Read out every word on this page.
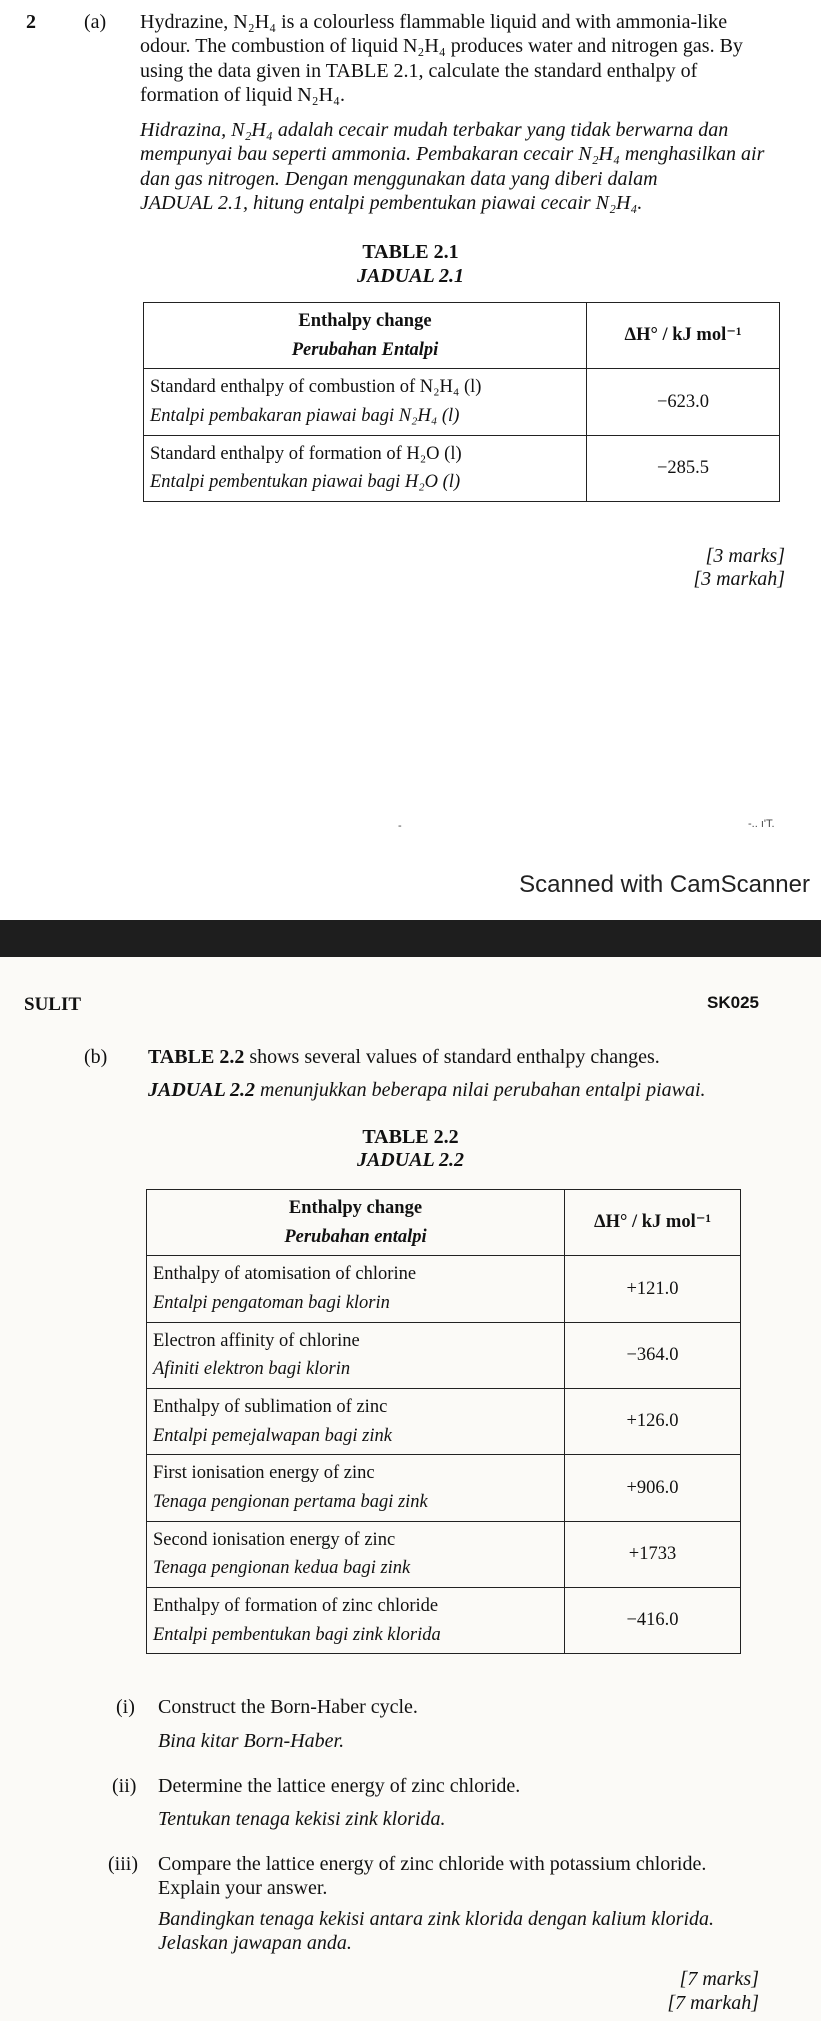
2 (a) Hydrazine, N₂H₄ is a colourless flammable liquid and with ammonia-like
odour. The combustion of liquid N₂H₄ produces water and nitrogen gas. By
using the data given in TABLE 2.1, calculate the standard enthalpy of
formation of liquid N₂H₄.
Hidrazina, N₂H₄ adalah cecair mudah terbakar yang tidak berwarna dan
mempunyai bau seperti ammonia. Pembakaran cecair N₂H₄ menghasilkan air
dan gas nitrogen. Dengan menggunakan data yang diberi dalam
JADUAL 2.1, hitung entalpi pembentukan piawai cecair N₂H₄.
TABLE 2.1
JADUAL 2.1
Enthalpy change
Perubahan Entalpi	ΔH° / kJ mol⁻¹

Standard enthalpy of combustion of N₂H₄ (l)
Entalpi pembakaran piawai bagi N₂H₄ (l)	−623.0

Standard enthalpy of formation of H₂O (l)
Entalpi pembentukan piawai bagi H₂O (l)	−285.5
[3 marks]
[3 markah]
-	-.. ı'T.
Scanned with CamScanner
SULIT	SK025
(b) TABLE 2.2 shows several values of standard enthalpy changes.
JADUAL 2.2 menunjukkan beberapa nilai perubahan entalpi piawai.
TABLE 2.2
JADUAL 2.2
Enthalpy change
Perubahan entalpi	ΔH° / kJ mol⁻¹

Enthalpy of atomisation of chlorine
Entalpi pengatoman bagi klorin	+121.0

Electron affinity of chlorine
Afiniti elektron bagi klorin	−364.0

Enthalpy of sublimation of zinc
Entalpi pemejalwapan bagi zink	+126.0

First ionisation energy of zinc
Tenaga pengionan pertama bagi zink	+906.0

Second ionisation energy of zinc
Tenaga pengionan kedua bagi zink	+1733

Enthalpy of formation of zinc chloride
Entalpi pembentukan bagi zink klorida	−416.0
(i) Construct the Born-Haber cycle.
Bina kitar Born-Haber.
(ii) Determine the lattice energy of zinc chloride.
Tentukan tenaga kekisi zink klorida.
(iii) Compare the lattice energy of zinc chloride with potassium chloride.
Explain your answer.
Bandingkan tenaga kekisi antara zink klorida dengan kalium klorida.
Jelaskan jawapan anda.
[7 marks]
[7 markah]
